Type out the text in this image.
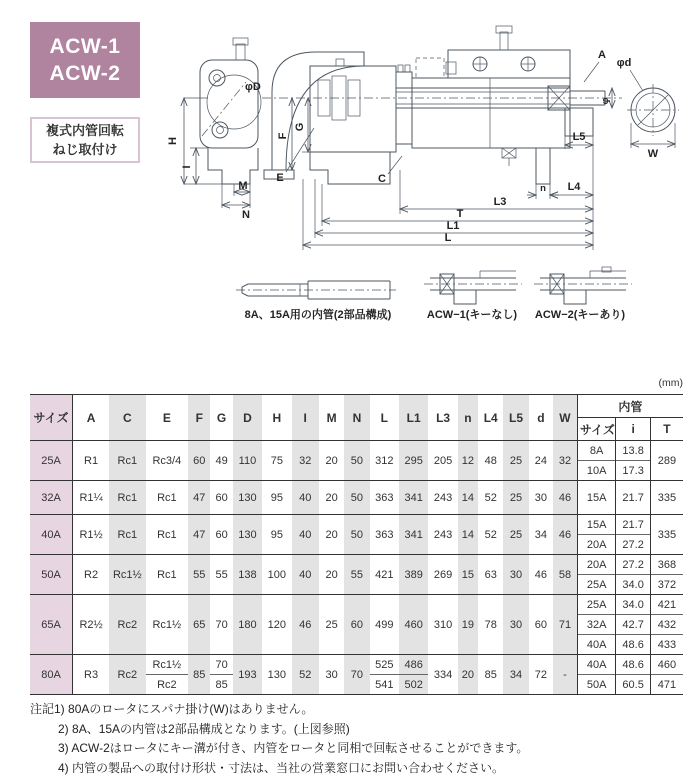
ACW-1
ACW-2
複式内管回転
ねじ取付け
H
I
M
N
φD
F
G
E	C
A
φd
φ
W
L5
n L4
L3
T
L1
L
8A、15A用の内管(2部品構成)	ACW−1(キーなし) ACW−2(キーあり)
(mm)
サイズ	A	C	E	F	G	D	H	I	M	N	L	L1	L3	n	L4	L5	d	W	内管		
																			サイズ	i	T
25A	R1	Rc1	Rc3/4	60	49	110	75	32	20	50	312	295	205	12	48	25	24	32	8A	13.8	289
																			10A	17.3	
32A	R1¼	Rc1	Rc1	47	60	130	95	40	20	50	363	341	243	14	52	25	30	46	15A	21.7	335
40A	R1½	Rc1	Rc1	47	60	130	95	40	20	50	363	341	243	14	52	25	34	46	15A	21.7	335
																			20A	27.2	
50A	R2	Rc1½	Rc1	55	55	138	100	40	20	55	421	389	269	15	63	30	46	58	20A	27.2	368
																			25A	34.0	372
65A	R2½	Rc2	Rc1½	65	70	180	120	46	25	60	499	460	310	19	78	30	60	71	25A	34.0	421
																			32A	42.7	432
																			40A	48.6	433
80A	R3	Rc2	Rc1½	85	70	193	130	52	30	70	525	486	334	20	85	34	72	-	40A	48.6	460
			Rc2		85						541	502							50A	60.5	471
注記1) 80Aのロータにスパナ掛け(W)はありません。
2) 8A、15Aの内管は2部品構成となります。(上図参照)
3) ACW-2はロータにキー溝が付き、内管をロータと同相で回転させることができます。
4) 内管の製品への取付け形状・寸法は、当社の営業窓口にお問い合わせください。
